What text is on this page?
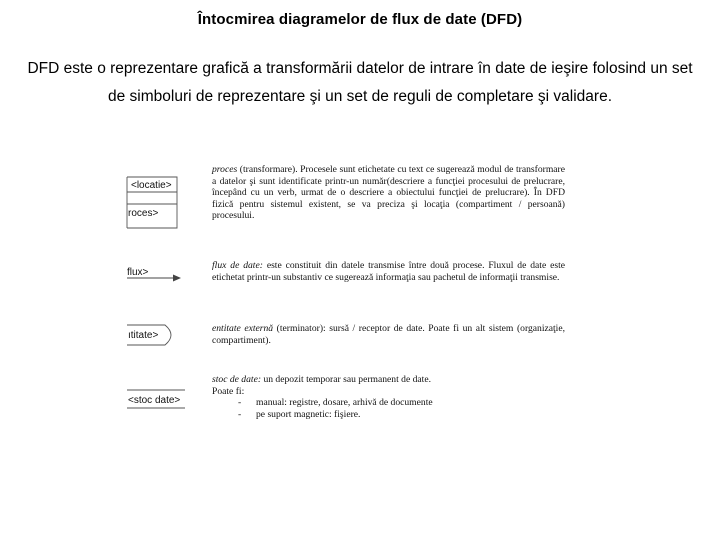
Întocmirea diagramelor de flux de date (DFD)

DFD este o reprezentare grafică a transformării datelor de intrare în date de ieşire folosind un set de simboluri de reprezentare şi un set de reguli de completare şi validare.

<locatie>
roces>
proces (transformare). Procesele sunt etichetate cu text ce sugerează modul de transformare a datelor şi sunt identificate printr-un număr(descriere a funcţiei procesului de prelucrare, începând cu un verb, urmat de o descriere a obiectului funcţiei de prelucrare). În DFD fizică pentru sistemul existent, se va preciza şi locaţia (compartiment / persoană) procesului.
flux>
flux de date: este constituit din datele transmise între două procese. Fluxul de date este etichetat printr-un substantiv ce sugerează informaţia sau pachetul de informaţii transmise.
ıtitate>
entitate externă (terminator): sursă / receptor de date. Poate fi un alt sistem (organizaţie, compartiment).
<stoc date>
stoc de date: un depozit temporar sau permanent de date.
Poate fi:
- manual: registre, dosare, arhivă de documente
- pe suport magnetic: fişiere.
